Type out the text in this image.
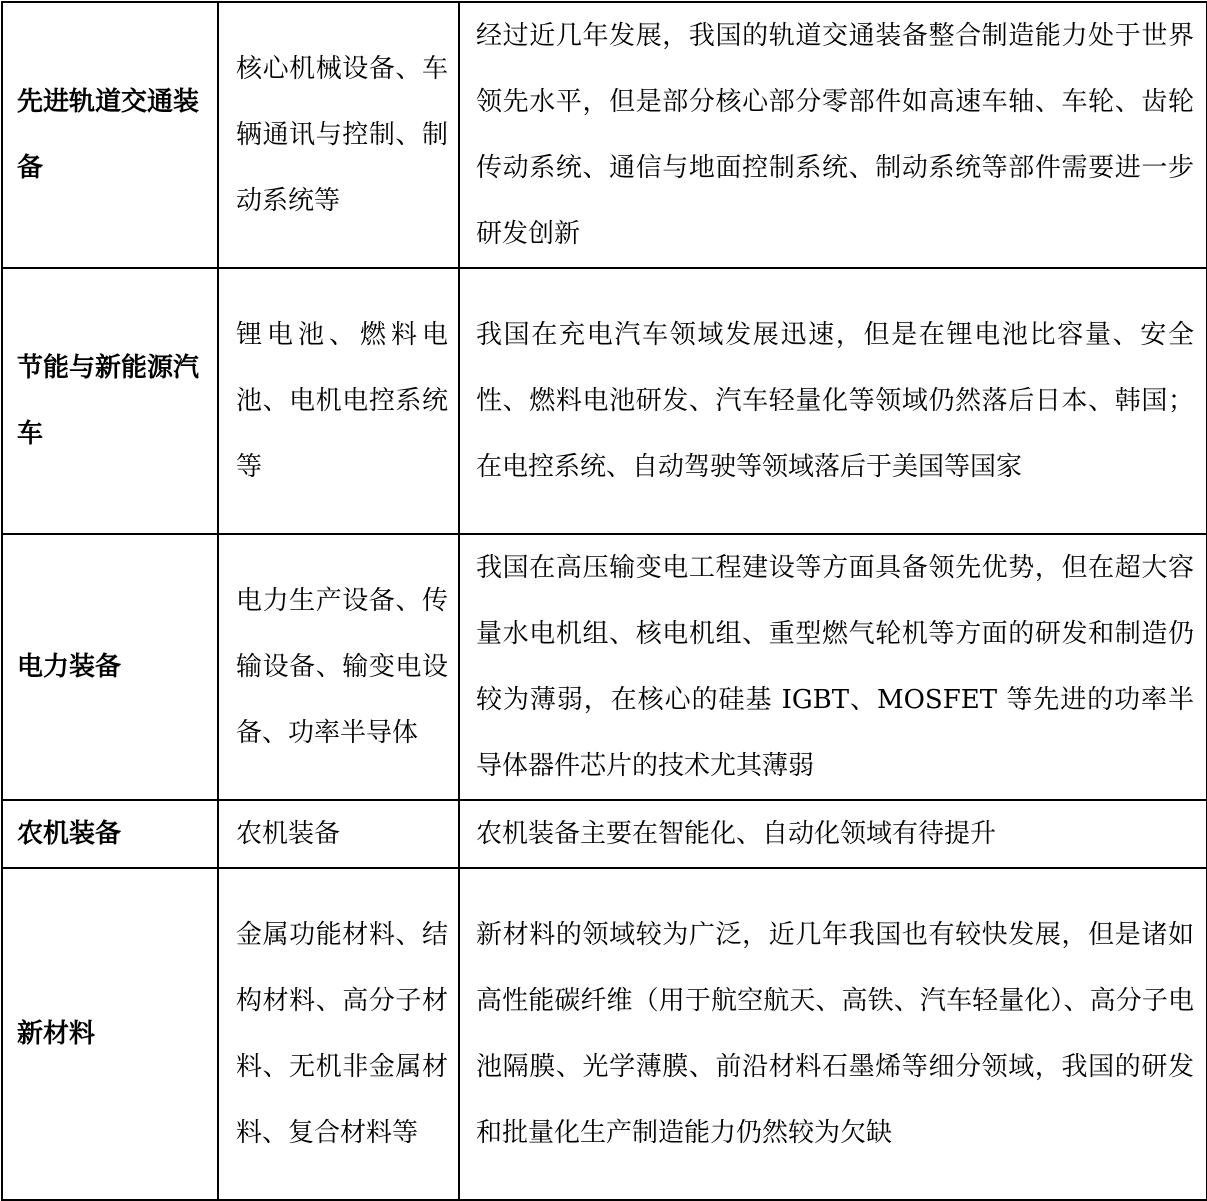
先进轨道交通装备	核心机械设备、车辆通讯与控制、制动系统等	经过近几年发展，我国的轨道交通装备整合制造能力处于世界领先水平，但是部分核心部分零部件如高速车轴、车轮、齿轮传动系统、通信与地面控制系统、制动系统等部件需要进一步研发创新
节能与新能源汽车	锂电池、燃料电池、电机电控系统等	我国在充电汽车领域发展迅速，但是在锂电池比容量、安全性、燃料电池研发、汽车轻量化等领域仍然落后日本、韩国；在电控系统、自动驾驶等领域落后于美国等国家
电力装备	电力生产设备、传输设备、输变电设备、功率半导体	我国在高压输变电工程建设等方面具备领先优势，但在超大容量水电机组、核电机组、重型燃气轮机等方面的研发和制造仍较为薄弱，在核心的硅基 IGBT、MOSFET 等先进的功率半导体器件芯片的技术尤其薄弱
农机装备	农机装备	农机装备主要在智能化、自动化领域有待提升
新材料	金属功能材料、结构材料、高分子材料、无机非金属材料、复合材料等	新材料的领域较为广泛，近几年我国也有较快发展，但是诸如高性能碳纤维（用于航空航天、高铁、汽车轻量化）、高分子电池隔膜、光学薄膜、前沿材料石墨烯等细分领域，我国的研发和批量化生产制造能力仍然较为欠缺
